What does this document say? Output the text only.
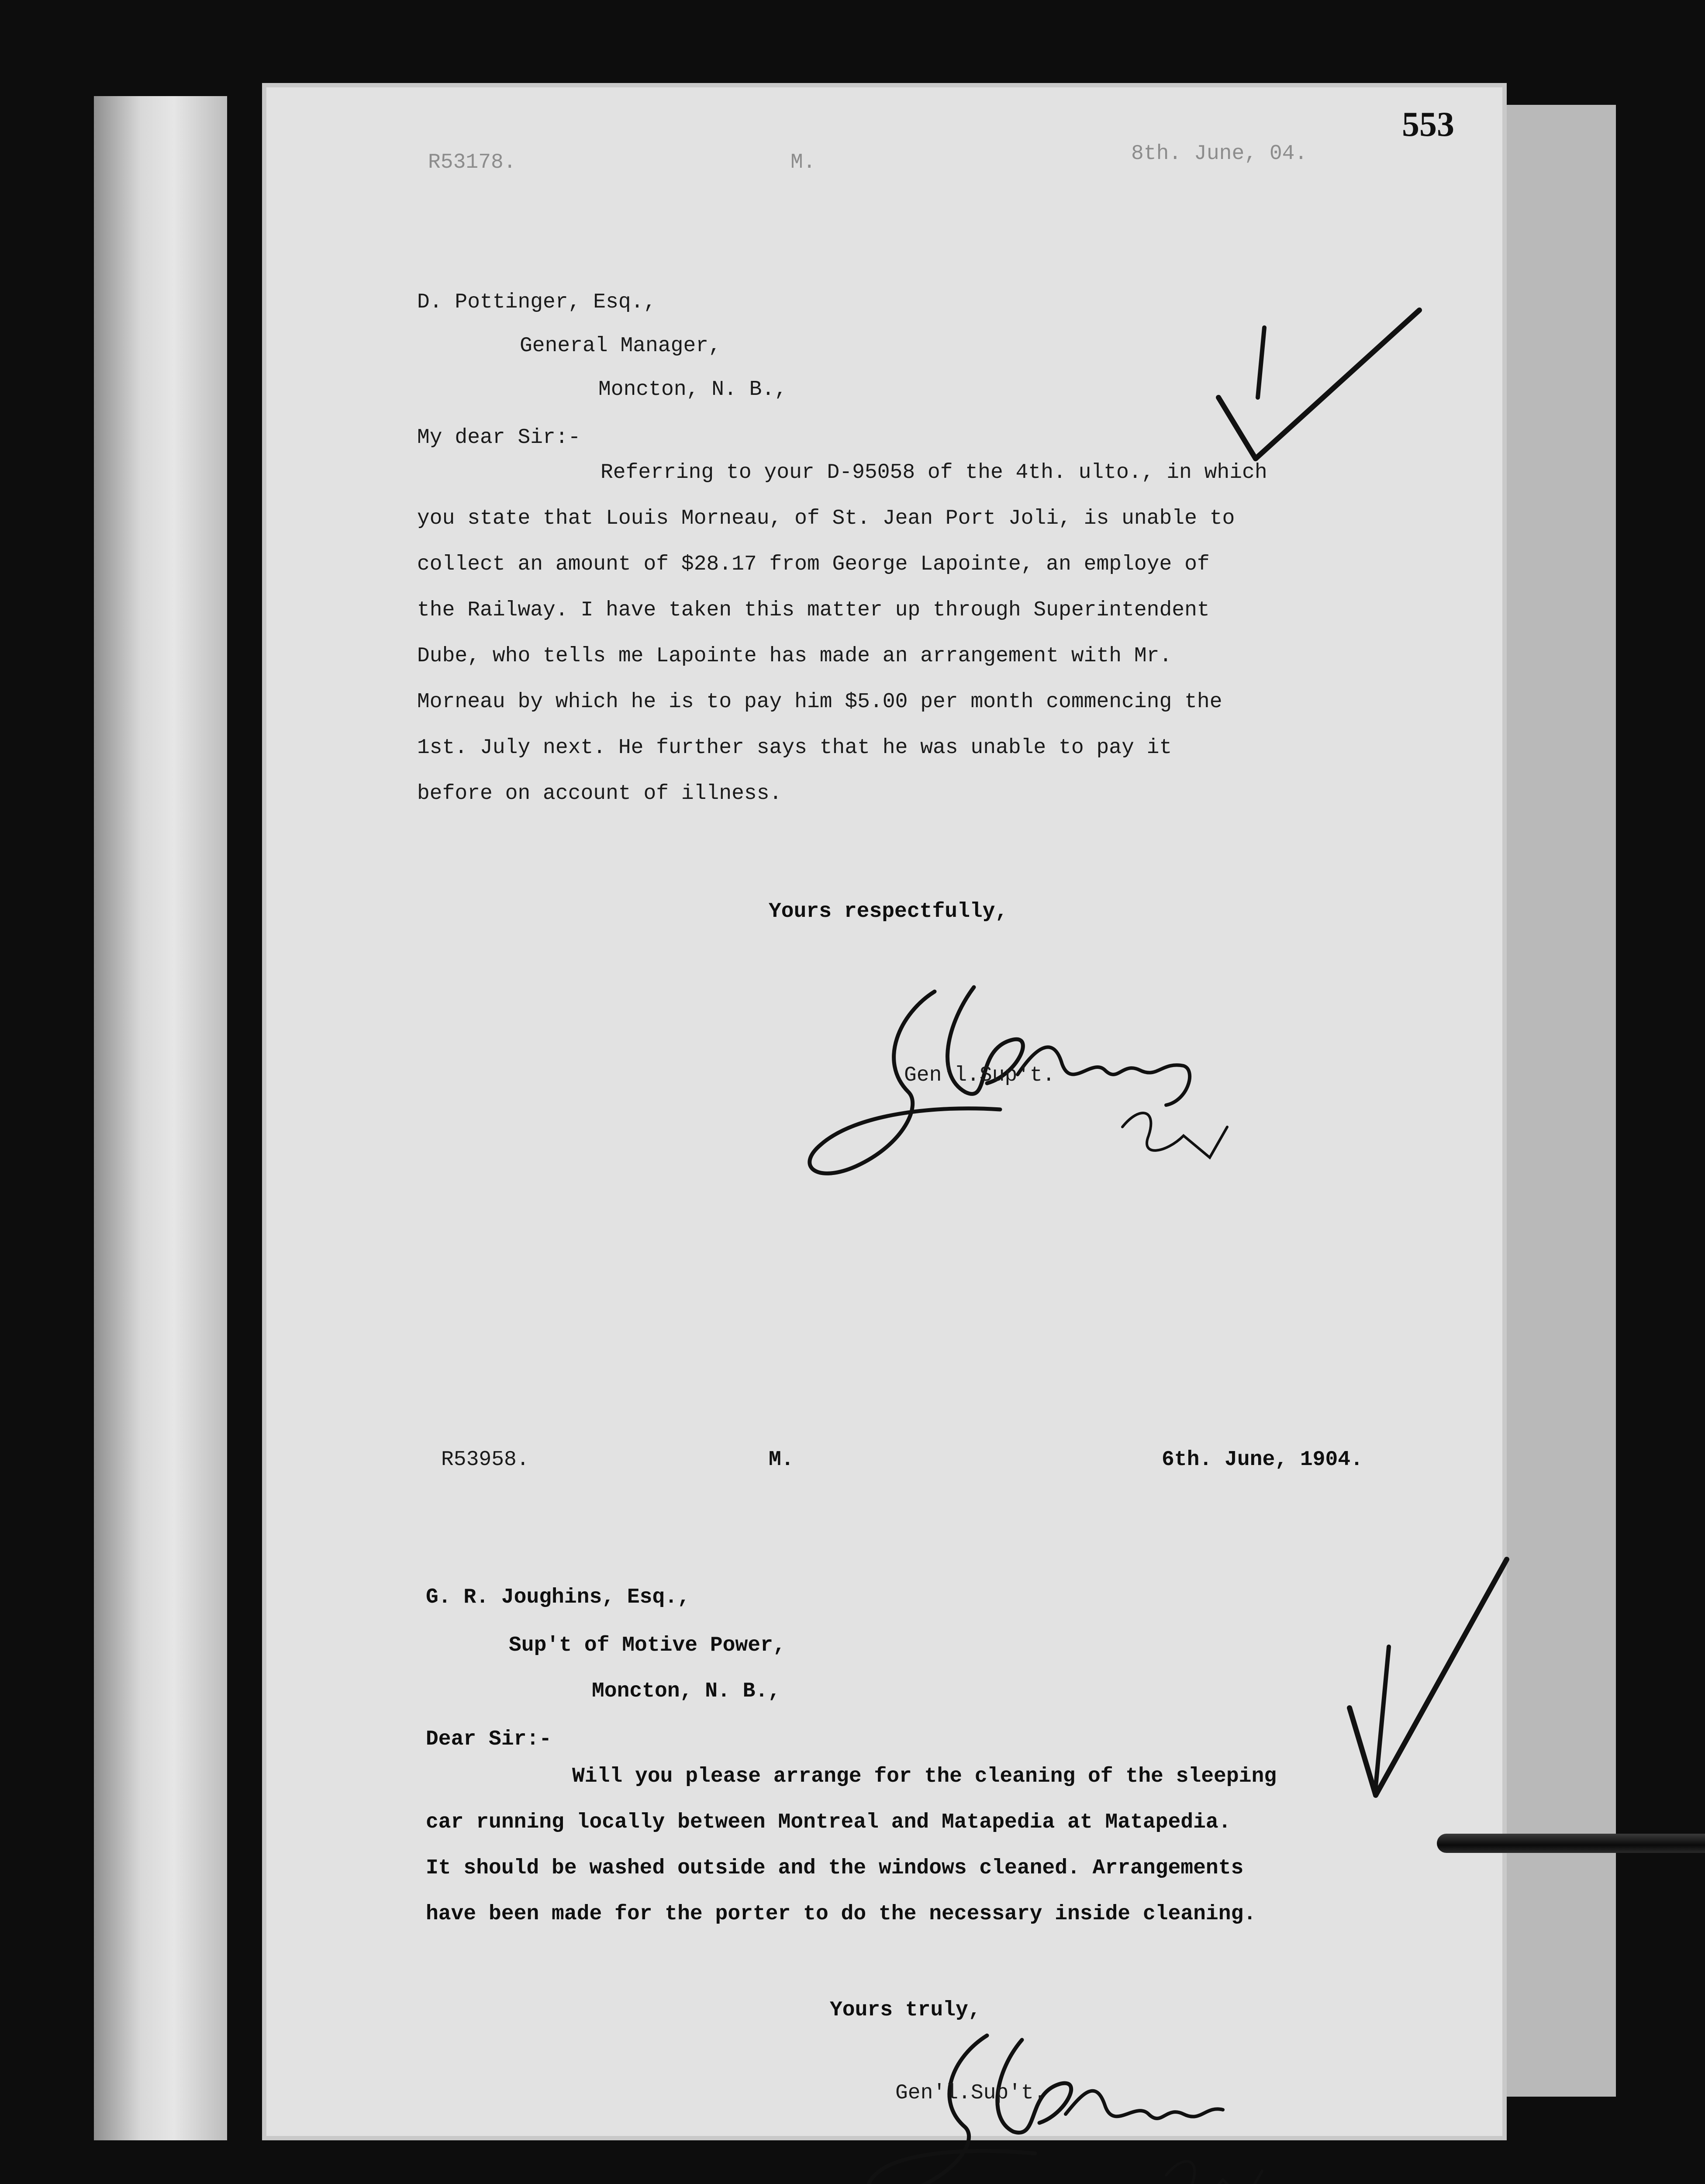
553
R53178.	M.	8th. June, 04.
D. Pottinger, Esq.,
General Manager,
Moncton, N. B.,
My dear Sir:-
Referring to your D-95058 of the 4th. ulto., in which
you state that Louis Morneau, of St. Jean Port Joli, is unable to
collect an amount of $28.17 from George Lapointe, an employe of
the Railway. I have taken this matter up through Superintendent
Dube, who tells me Lapointe has made an arrangement with Mr.
Morneau by which he is to pay him $5.00 per month commencing the
1st. July next. He further says that he was unable to pay it
before on account of illness.
Yours respectfully,
Gen'l.Sup't.
R53958.	M.	6th. June, 1904.
G. R. Joughins, Esq.,
Sup't of Motive Power,
Moncton, N. B.,
Dear Sir:-
Will you please arrange for the cleaning of the sleeping
car running locally between Montreal and Matapedia at Matapedia.
It should be washed outside and the windows cleaned. Arrangements
have been made for the porter to do the necessary inside cleaning.
Yours truly,
Gen'l.Sup't.
